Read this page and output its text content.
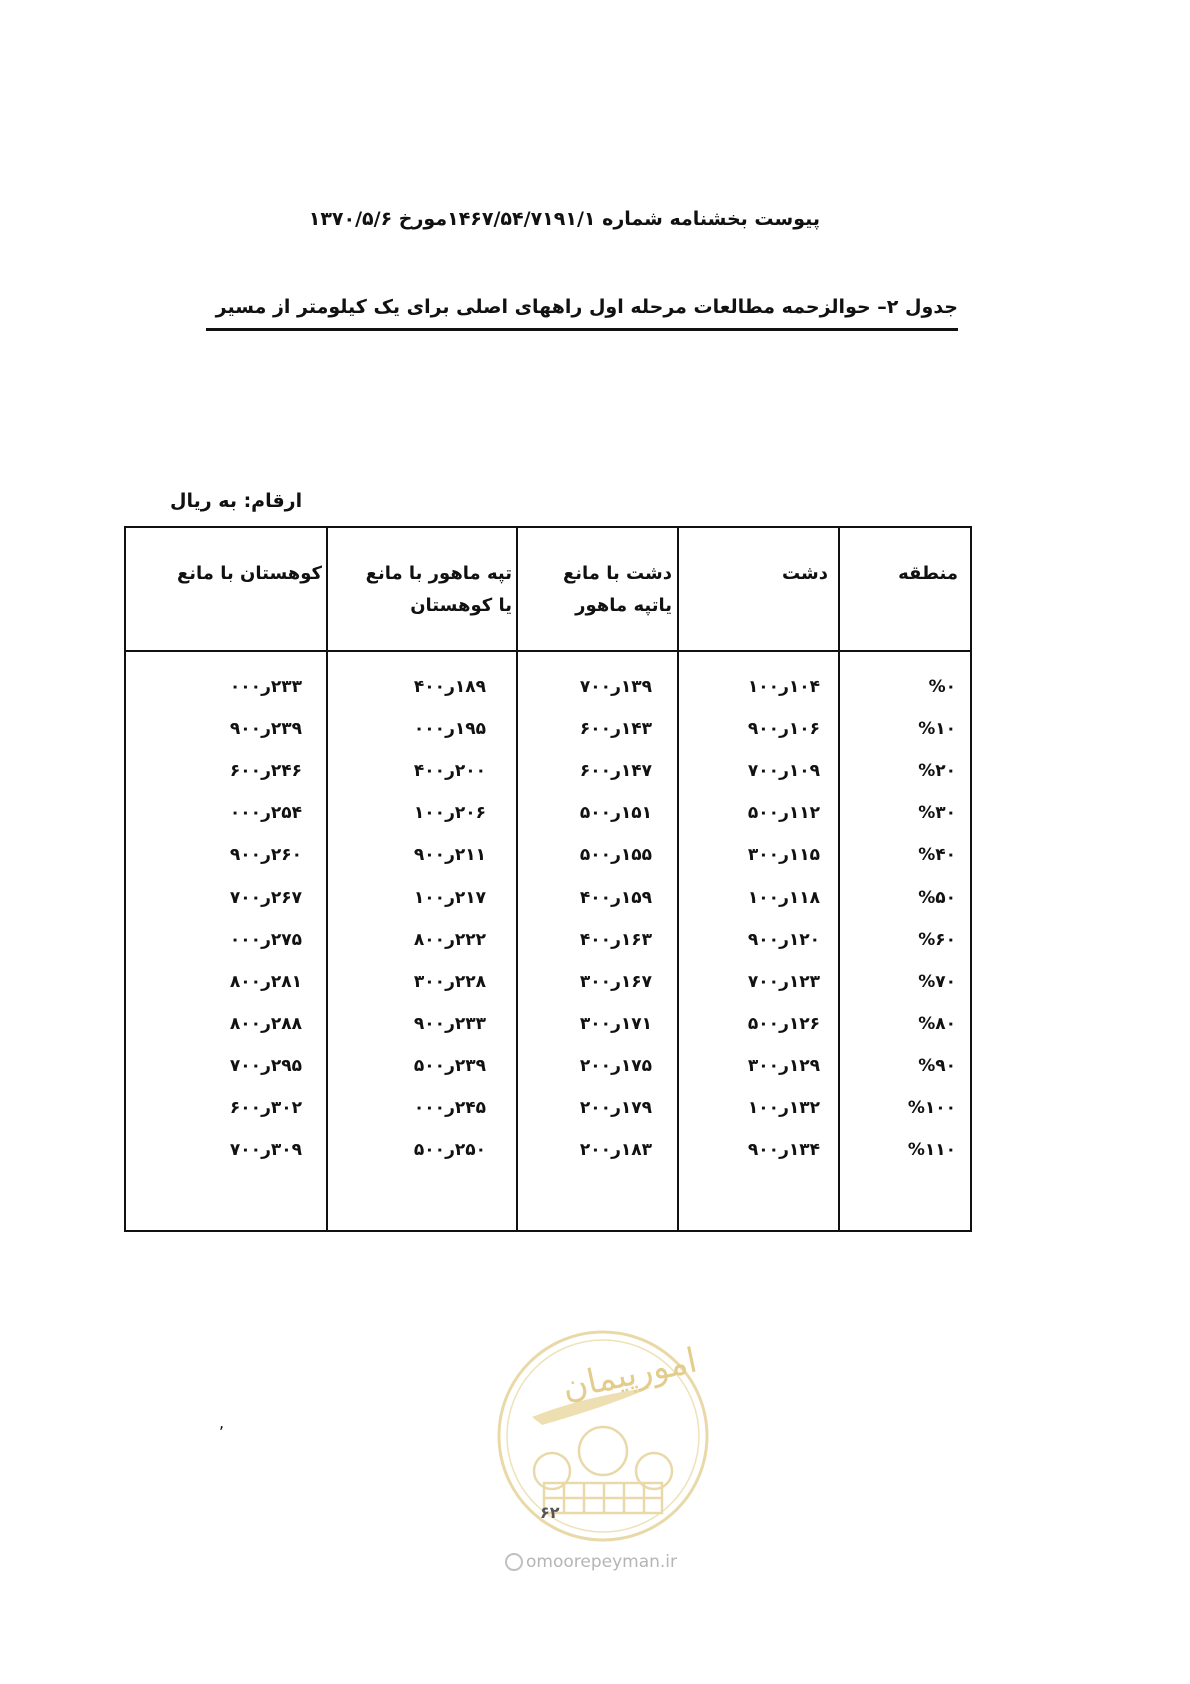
پیوست بخشنامه شماره ۱۴۶۷/۵۴/۷۱۹۱/۱مورخ ۱۳۷۰/۵/۶
جدول ۲– حوالزحمه مطالعات مرحله اول راههای اصلی برای یک کیلومتر از مسیر
ارقام: به ریال
منطقه
دشت
دشت با مانع
یاتپه ماهور
تپه ماهور با مانع
یا کوهستان
کوهستان با مانع
%۰
۱۰۴ر۱۰۰
۱۳۹ر۷۰۰
۱۸۹ر۴۰۰
۲۳۳ر۰۰۰
%۱۰
۱۰۶ر۹۰۰
۱۴۳ر۶۰۰
۱۹۵ر۰۰۰
۲۳۹ر۹۰۰
%۲۰
۱۰۹ر۷۰۰
۱۴۷ر۶۰۰
۲۰۰ر۴۰۰
۲۴۶ر۶۰۰
%۳۰
۱۱۲ر۵۰۰
۱۵۱ر۵۰۰
۲۰۶ر۱۰۰
۲۵۴ر۰۰۰
%۴۰
۱۱۵ر۳۰۰
۱۵۵ر۵۰۰
۲۱۱ر۹۰۰
۲۶۰ر۹۰۰
%۵۰
۱۱۸ر۱۰۰
۱۵۹ر۴۰۰
۲۱۷ر۱۰۰
۲۶۷ر۷۰۰
%۶۰
۱۲۰ر۹۰۰
۱۶۳ر۴۰۰
۲۲۲ر۸۰۰
۲۷۵ر۰۰۰
%۷۰
۱۲۳ر۷۰۰
۱۶۷ر۳۰۰
۲۲۸ر۳۰۰
۲۸۱ر۸۰۰
%۸۰
۱۲۶ر۵۰۰
۱۷۱ر۳۰۰
۲۳۳ر۹۰۰
۲۸۸ر۸۰۰
%۹۰
۱۲۹ر۳۰۰
۱۷۵ر۲۰۰
۲۳۹ر۵۰۰
۲۹۵ر۷۰۰
%۱۰۰
۱۳۲ر۱۰۰
۱۷۹ر۲۰۰
۲۴۵ر۰۰۰
۳۰۲ر۶۰۰
%۱۱۰
۱۳۴ر۹۰۰
۱۸۳ر۲۰۰
۲۵۰ر۵۰۰
۳۰۹ر۷۰۰
,
امورپیمان
۶۲
omoorepeyman.ir
